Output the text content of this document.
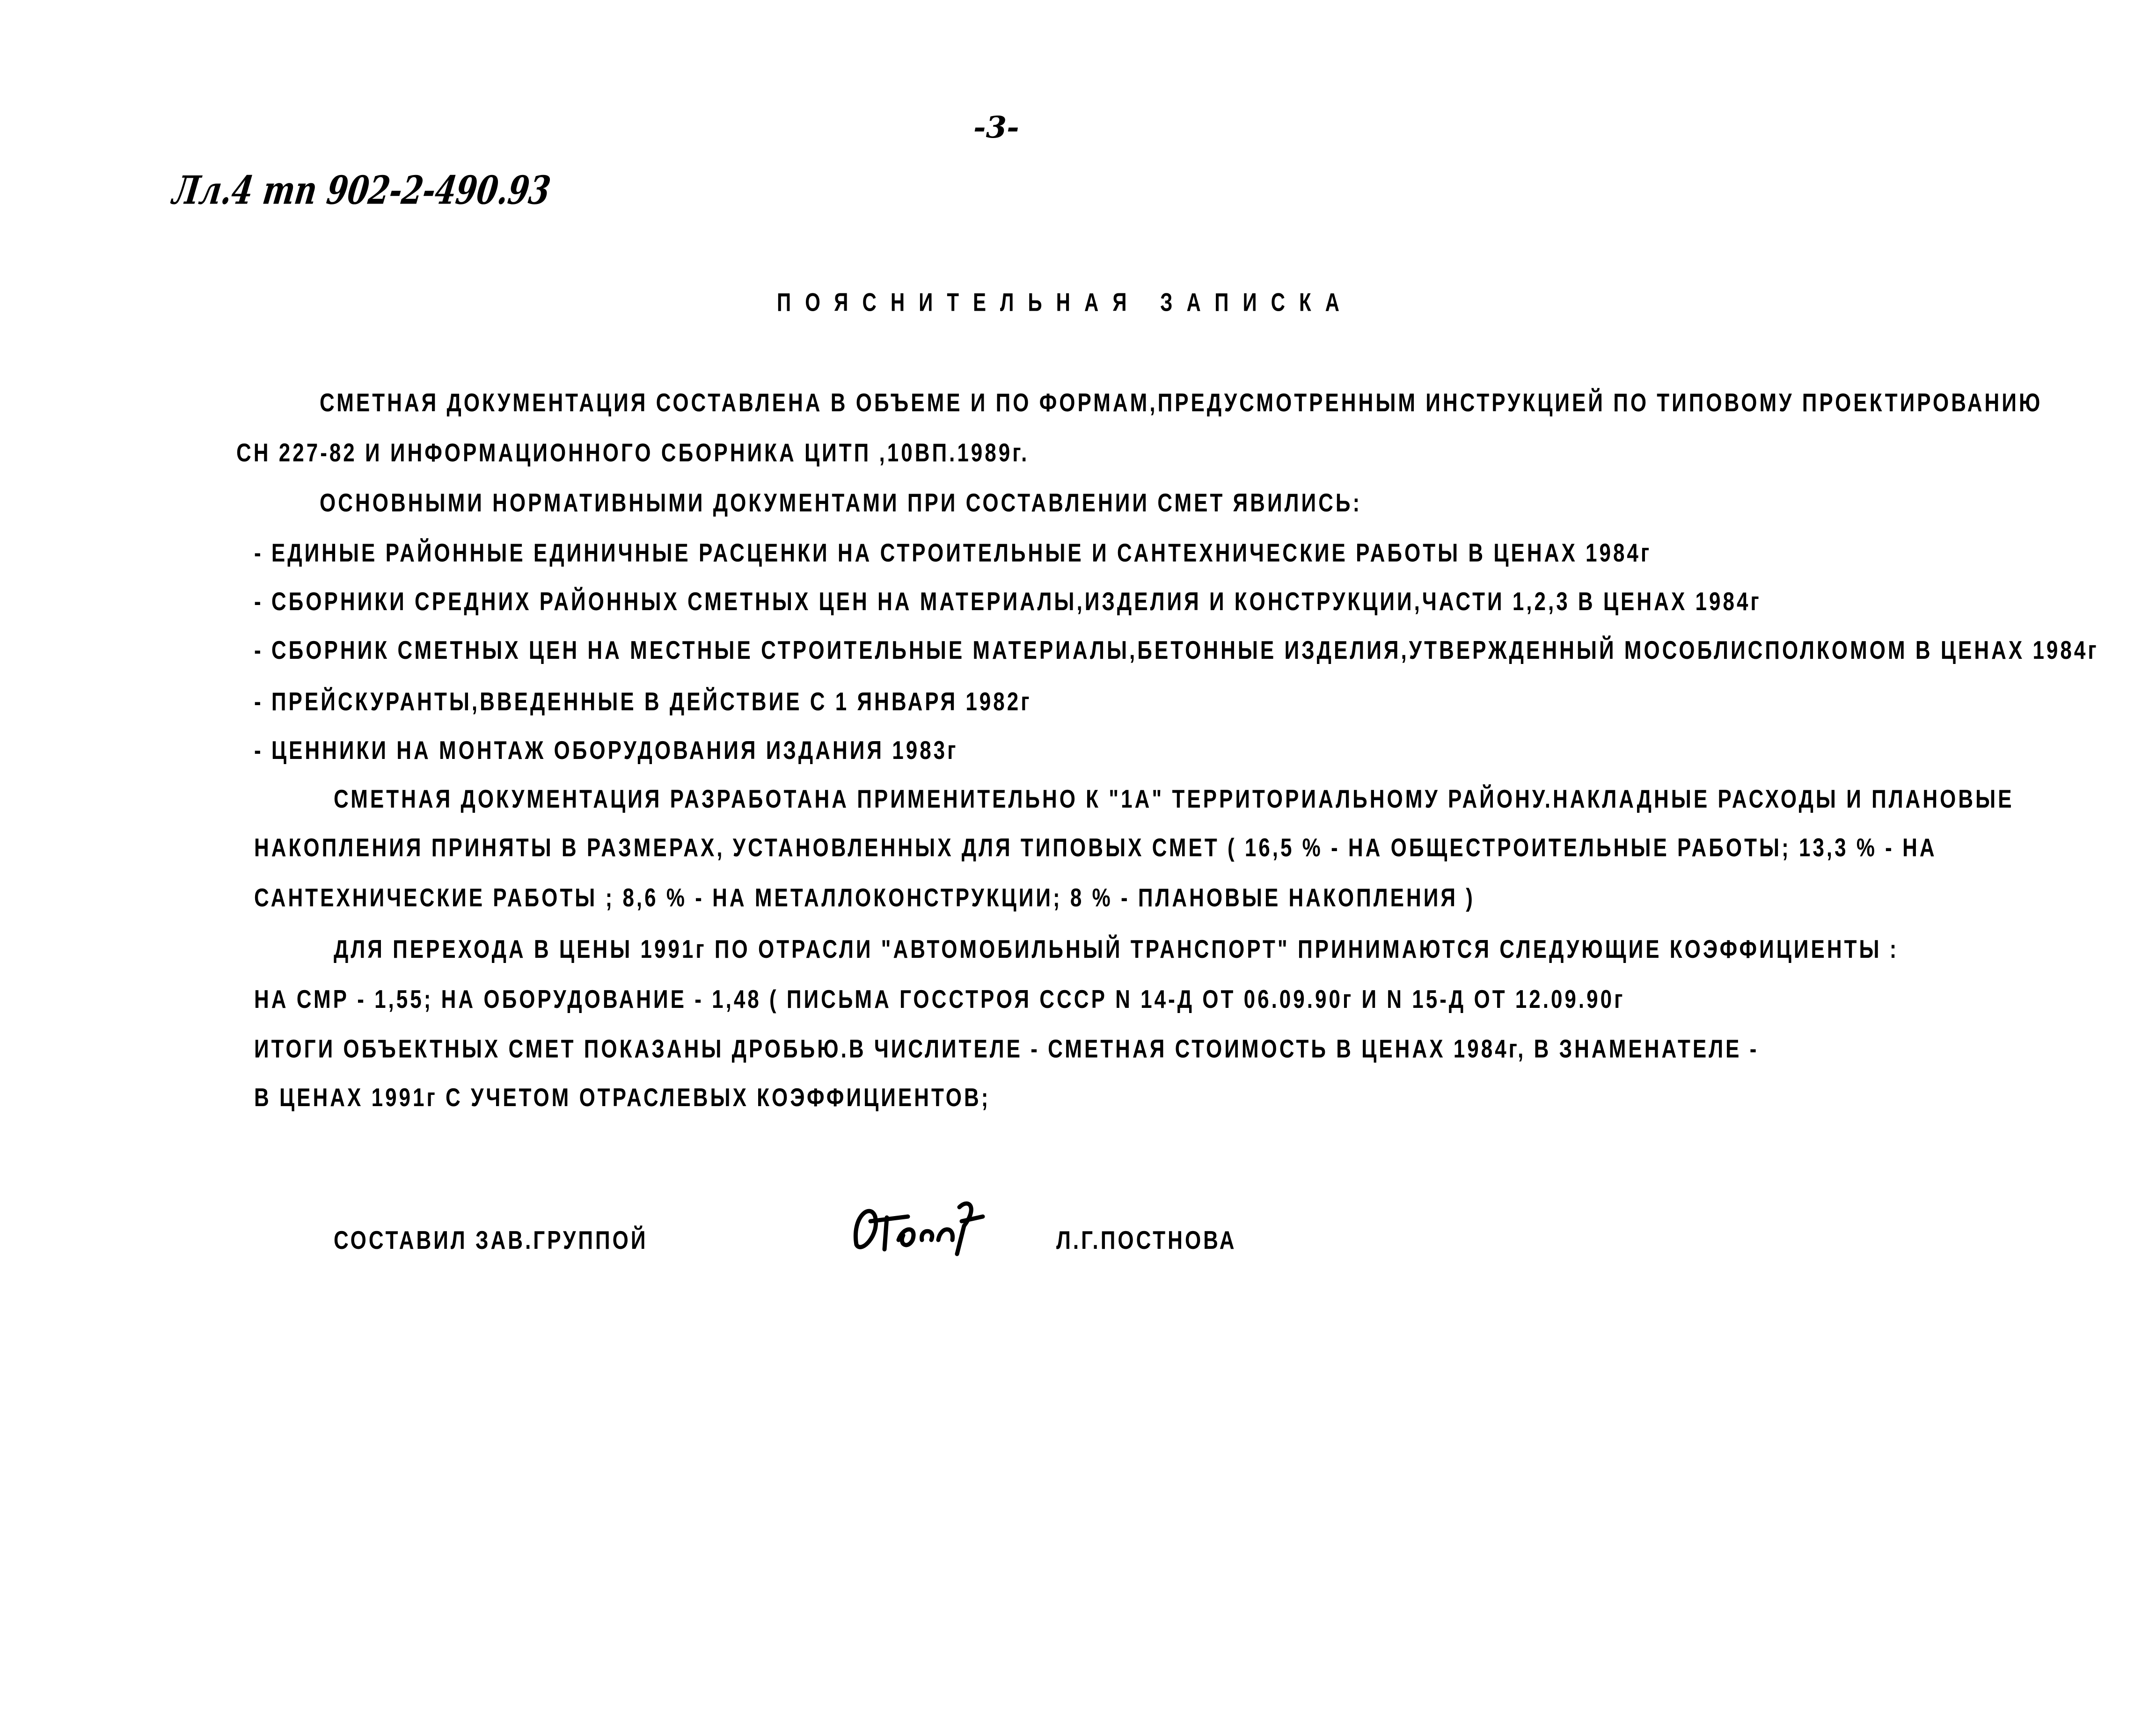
Лл.4 тп 902-2-490.93
-3-
ПОЯСНИТЕЛЬНАЯ ЗАПИСКА
СМЕТНАЯ ДОКУМЕНТАЦИЯ СОСТАВЛЕНА В ОБЪЕМЕ И ПО ФОРМАМ,ПРЕДУСМОТРЕННЫМ ИНСТРУКЦИЕЙ ПО ТИПОВОМУ ПРОЕКТИРОВАНИЮ
СН 227-82 И ИНФОРМАЦИОННОГО СБОРНИКА ЦИТП ,10ВП.1989г.
ОСНОВНЫМИ НОРМАТИВНЫМИ ДОКУМЕНТАМИ ПРИ СОСТАВЛЕНИИ СМЕТ ЯВИЛИСЬ:
- ЕДИНЫЕ РАЙОННЫЕ ЕДИНИЧНЫЕ РАСЦЕНКИ НА СТРОИТЕЛЬНЫЕ И САНТЕХНИЧЕСКИЕ РАБОТЫ В ЦЕНАХ 1984г
- СБОРНИКИ СРЕДНИХ РАЙОННЫХ СМЕТНЫХ ЦЕН НА МАТЕРИАЛЫ,ИЗДЕЛИЯ И КОНСТРУКЦИИ,ЧАСТИ 1,2,3 В ЦЕНАХ 1984г
- СБОРНИК СМЕТНЫХ ЦЕН НА МЕСТНЫЕ СТРОИТЕЛЬНЫЕ МАТЕРИАЛЫ,БЕТОННЫЕ ИЗДЕЛИЯ,УТВЕРЖДЕННЫЙ МОСОБЛИСПОЛКОМОМ В ЦЕНАХ 1984г
- ПРЕЙСКУРАНТЫ,ВВЕДЕННЫЕ В ДЕЙСТВИЕ С 1 ЯНВАРЯ 1982г
- ЦЕННИКИ НА МОНТАЖ ОБОРУДОВАНИЯ ИЗДАНИЯ 1983г
СМЕТНАЯ ДОКУМЕНТАЦИЯ РАЗРАБОТАНА ПРИМЕНИТЕЛЬНО К "1А" ТЕРРИТОРИАЛЬНОМУ РАЙОНУ.НАКЛАДНЫЕ РАСХОДЫ И ПЛАНОВЫЕ
НАКОПЛЕНИЯ ПРИНЯТЫ В РАЗМЕРАХ, УСТАНОВЛЕННЫХ ДЛЯ ТИПОВЫХ СМЕТ ( 16,5 % - НА ОБЩЕСТРОИТЕЛЬНЫЕ РАБОТЫ; 13,3 % - НА
САНТЕХНИЧЕСКИЕ РАБОТЫ ; 8,6 % - НА МЕТАЛЛОКОНСТРУКЦИИ; 8 % - ПЛАНОВЫЕ НАКОПЛЕНИЯ )
ДЛЯ ПЕРЕХОДА В ЦЕНЫ 1991г ПО ОТРАСЛИ "АВТОМОБИЛЬНЫЙ ТРАНСПОРТ" ПРИНИМАЮТСЯ СЛЕДУЮЩИЕ КОЭФФИЦИЕНТЫ :
НА СМР - 1,55; НА ОБОРУДОВАНИЕ - 1,48 ( ПИСЬМА ГОССТРОЯ СССР N 14-Д ОТ 06.09.90г И N 15-Д ОТ 12.09.90г
ИТОГИ ОБЪЕКТНЫХ СМЕТ ПОКАЗАНЫ ДРОБЬЮ.В ЧИСЛИТЕЛЕ - СМЕТНАЯ СТОИМОСТЬ В ЦЕНАХ 1984г, В ЗНАМЕНАТЕЛЕ -
В ЦЕНАХ 1991г С УЧЕТОМ ОТРАСЛЕВЫХ КОЭФФИЦИЕНТОВ;
СОСТАВИЛ ЗАВ.ГРУППОЙ	Л.Г.ПОСТНОВА
